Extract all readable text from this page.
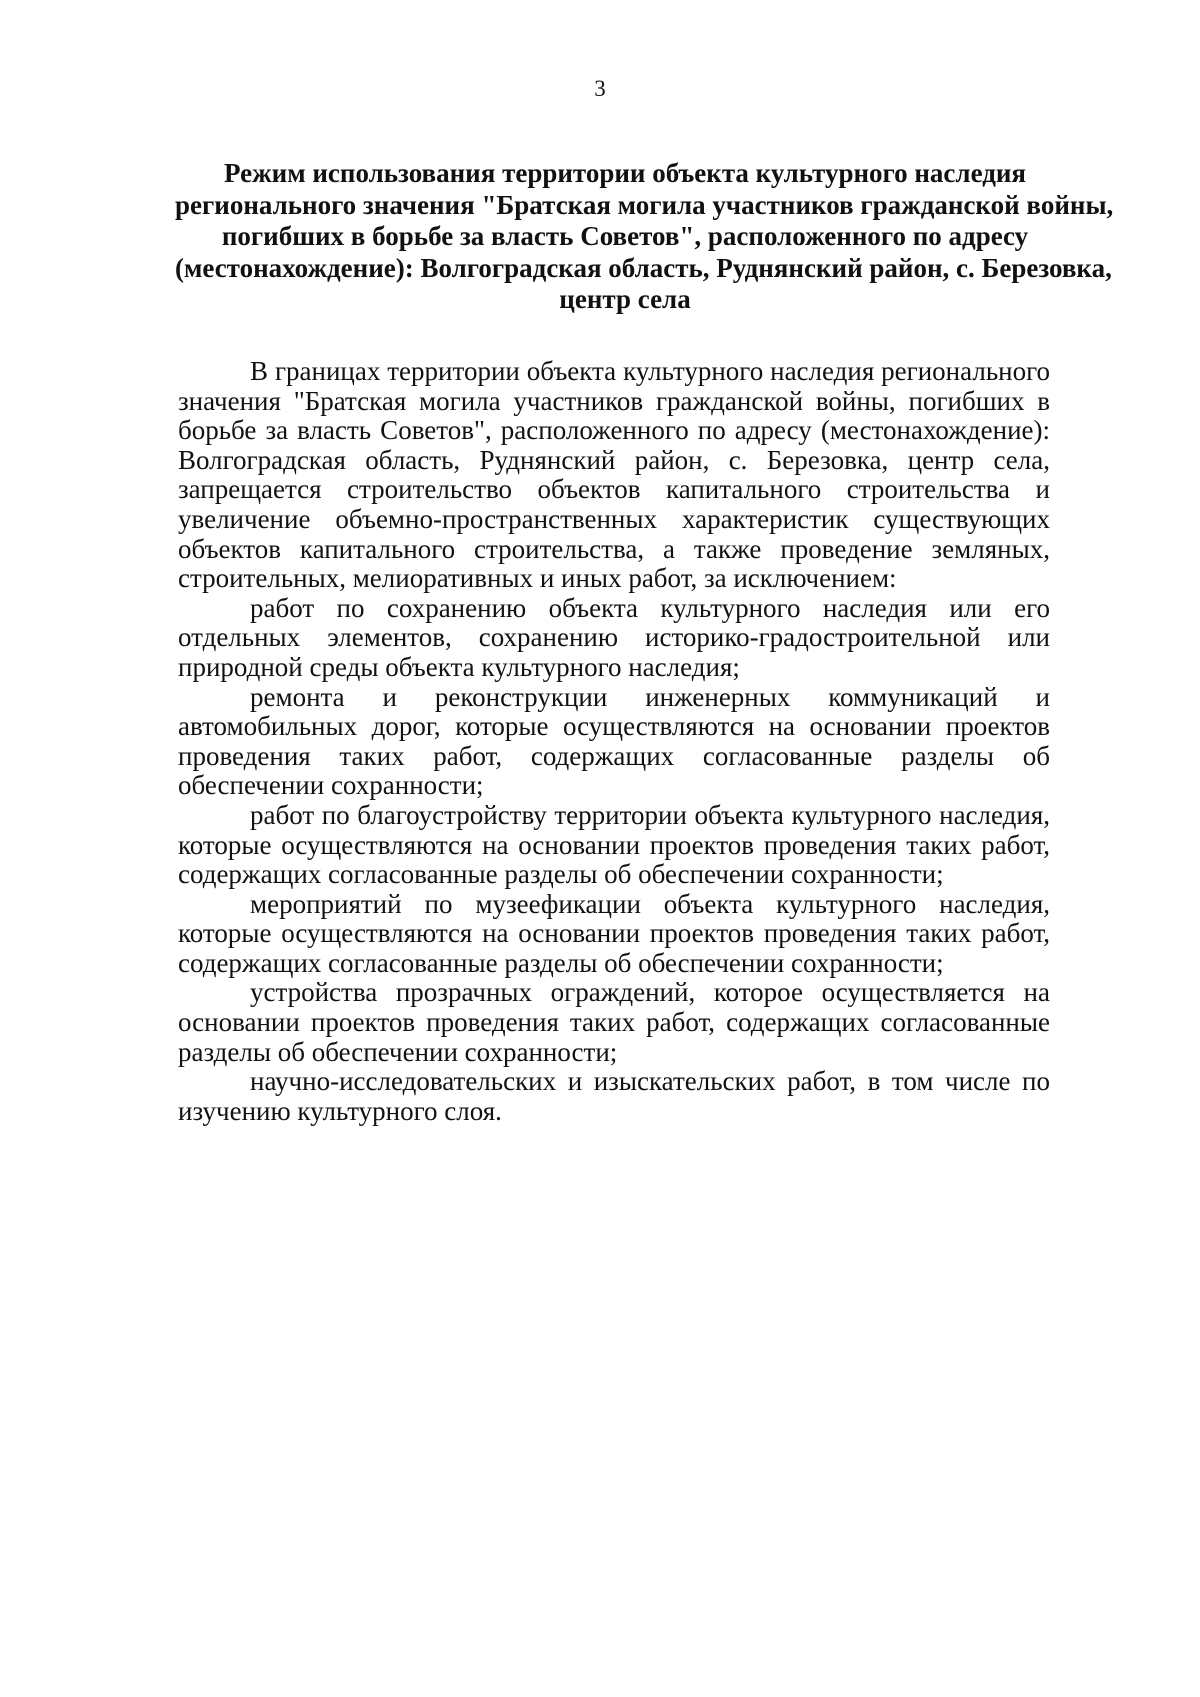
3
Режим использования территории объекта культурного наследия
регионального значения "Братская могила участников гражданской войны,
погибших в борьбе за власть Советов", расположенного по адресу
(местонахождение): Волгоградская область, Руднянский район, с. Березовка,
центр села

В границах территории объекта культурного наследия регионального значения "Братская могила участников гражданской войны, погибших в борьбе за власть Советов", расположенного по адресу (местонахождение): Волгоградская область, Руднянский район, с. Березовка, центр села, запрещается строительство объектов капитального строительства и увеличение объемно-пространственных характеристик существующих объектов капитального строительства, а также проведение земляных, строительных, мелиоративных и иных работ, за исключением:

работ по сохранению объекта культурного наследия или его отдельных элементов, сохранению историко-градостроительной или природной среды объекта культурного наследия;

ремонта и реконструкции инженерных коммуникаций и автомобильных дорог, которые осуществляются на основании проектов проведения таких работ, содержащих согласованные разделы об обеспечении сохранности;

работ по благоустройству территории объекта культурного наследия, которые осуществляются на основании проектов проведения таких работ, содержащих согласованные разделы об обеспечении сохранности;

мероприятий по музеефикации объекта культурного наследия, которые осуществляются на основании проектов проведения таких работ, содержащих согласованные разделы об обеспечении сохранности;

устройства прозрачных ограждений, которое осуществляется на основании проектов проведения таких работ, содержащих согласованные разделы об обеспечении сохранности;

научно-исследовательских и изыскательских работ, в том числе по изучению культурного слоя.
